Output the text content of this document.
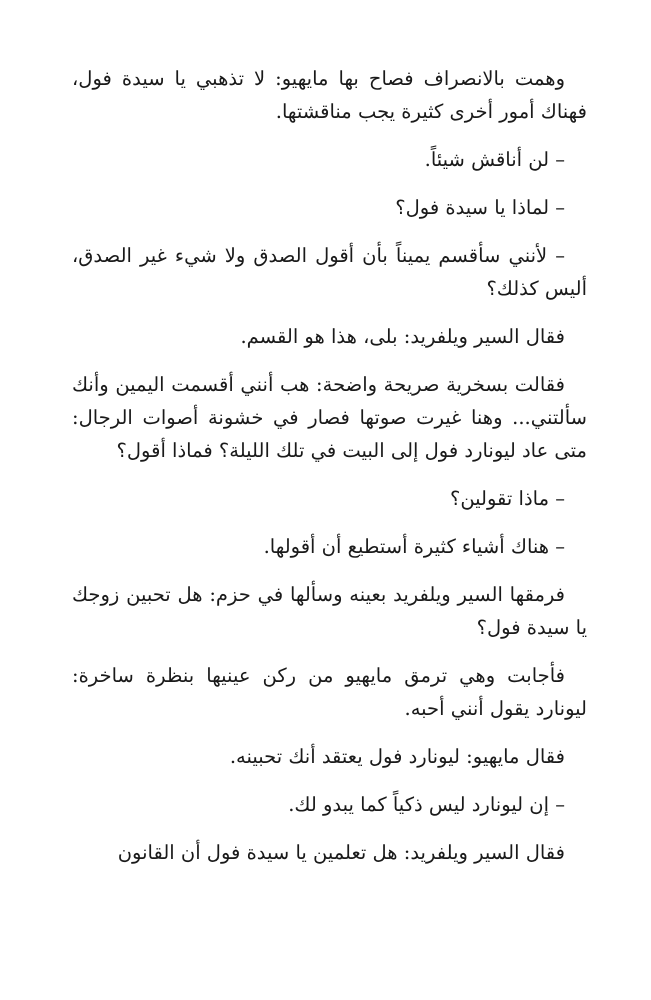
وهمت بالانصراف فصاح بها مايهيو: لا تذهبي يا سيدة فول، فهناك أمور أخرى كثيرة يجب مناقشتها.

– لن أناقش شيئاً.

– لماذا يا سيدة فول؟

– لأنني سأقسم يميناً بأن أقول الصدق ولا شيء غير الصدق، أليس كذلك؟

فقال السير ويلفريد: بلى، هذا هو القسم.

فقالت بسخرية صريحة واضحة: هب أنني أقسمت اليمين وأنك سألتني... وهنا غيرت صوتها فصار في خشونة أصوات الرجال: متى عاد ليونارد فول إلى البيت في تلك الليلة؟ فماذا أقول؟

– ماذا تقولين؟

– هناك أشياء كثيرة أستطيع أن أقولها.

فرمقها السير ويلفريد بعينه وسألها في حزم: هل تحبين زوجك يا سيدة فول؟

فأجابت وهي ترمق مايهيو من ركن عينيها بنظرة ساخرة: ليونارد يقول أنني أحبه.

فقال مايهيو: ليونارد فول يعتقد أنك تحبينه.

– إن ليونارد ليس ذكياً كما يبدو لك.

فقال السير ويلفريد: هل تعلمين يا سيدة فول أن القانون
